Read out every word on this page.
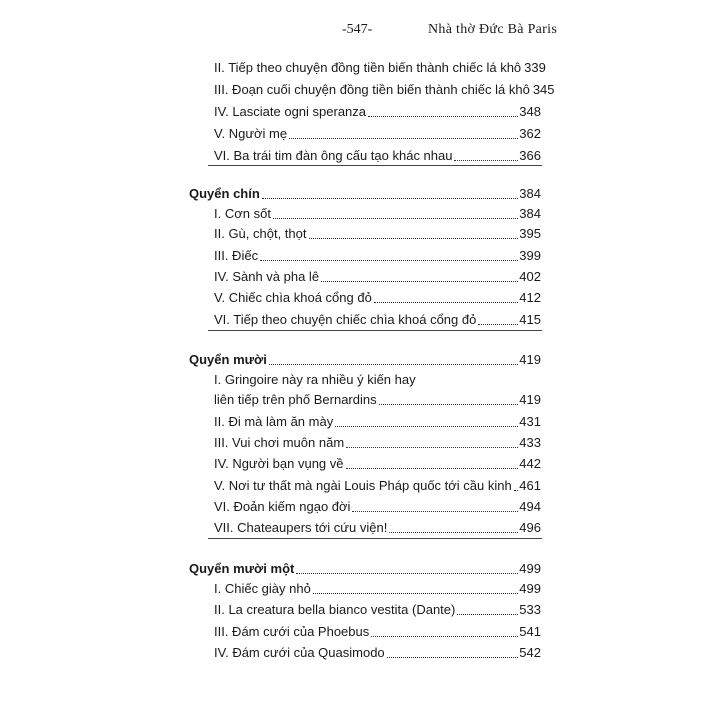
-547-	Nhà thờ Đức Bà Paris
II. Tiếp theo chuyện đồng tiền biến thành chiếc lá khô 339
III. Đoạn cuối chuyện đồng tiền biến thành chiếc lá khô 345
IV. Lasciate ogni speranza	348
V. Người mẹ	362
VI. Ba trái tim đàn ông cấu tạo khác nhau	366
Quyển chín	384
I. Cơn sốt	384
II. Gù, chột, thọt	395
III. Điếc	399
IV. Sành và pha lê	402
V. Chiếc chìa khoá cổng đỏ	412
VI. Tiếp theo chuyện chiếc chìa khoá cổng đỏ	415
Quyển mười	419
I. Gringoire này ra nhiều ý kiến hay
liên tiếp trên phố Bernardins	419
II. Đi mà làm ăn mày	431
III. Vui chơi muôn năm	433
IV. Người bạn vụng về	442
V. Nơi tư thất mà ngài Louis Pháp quốc tới cầu kinh 461
VI. Đoản kiếm ngạo đời	494
VII. Chateaupers tới cứu viện!	496
Quyển mười một	499
I. Chiếc giày nhỏ	499
II. La creatura bella bianco vestita (Dante)	533
III. Đám cưới của Phoebus	541
IV. Đám cưới của Quasimodo	542
